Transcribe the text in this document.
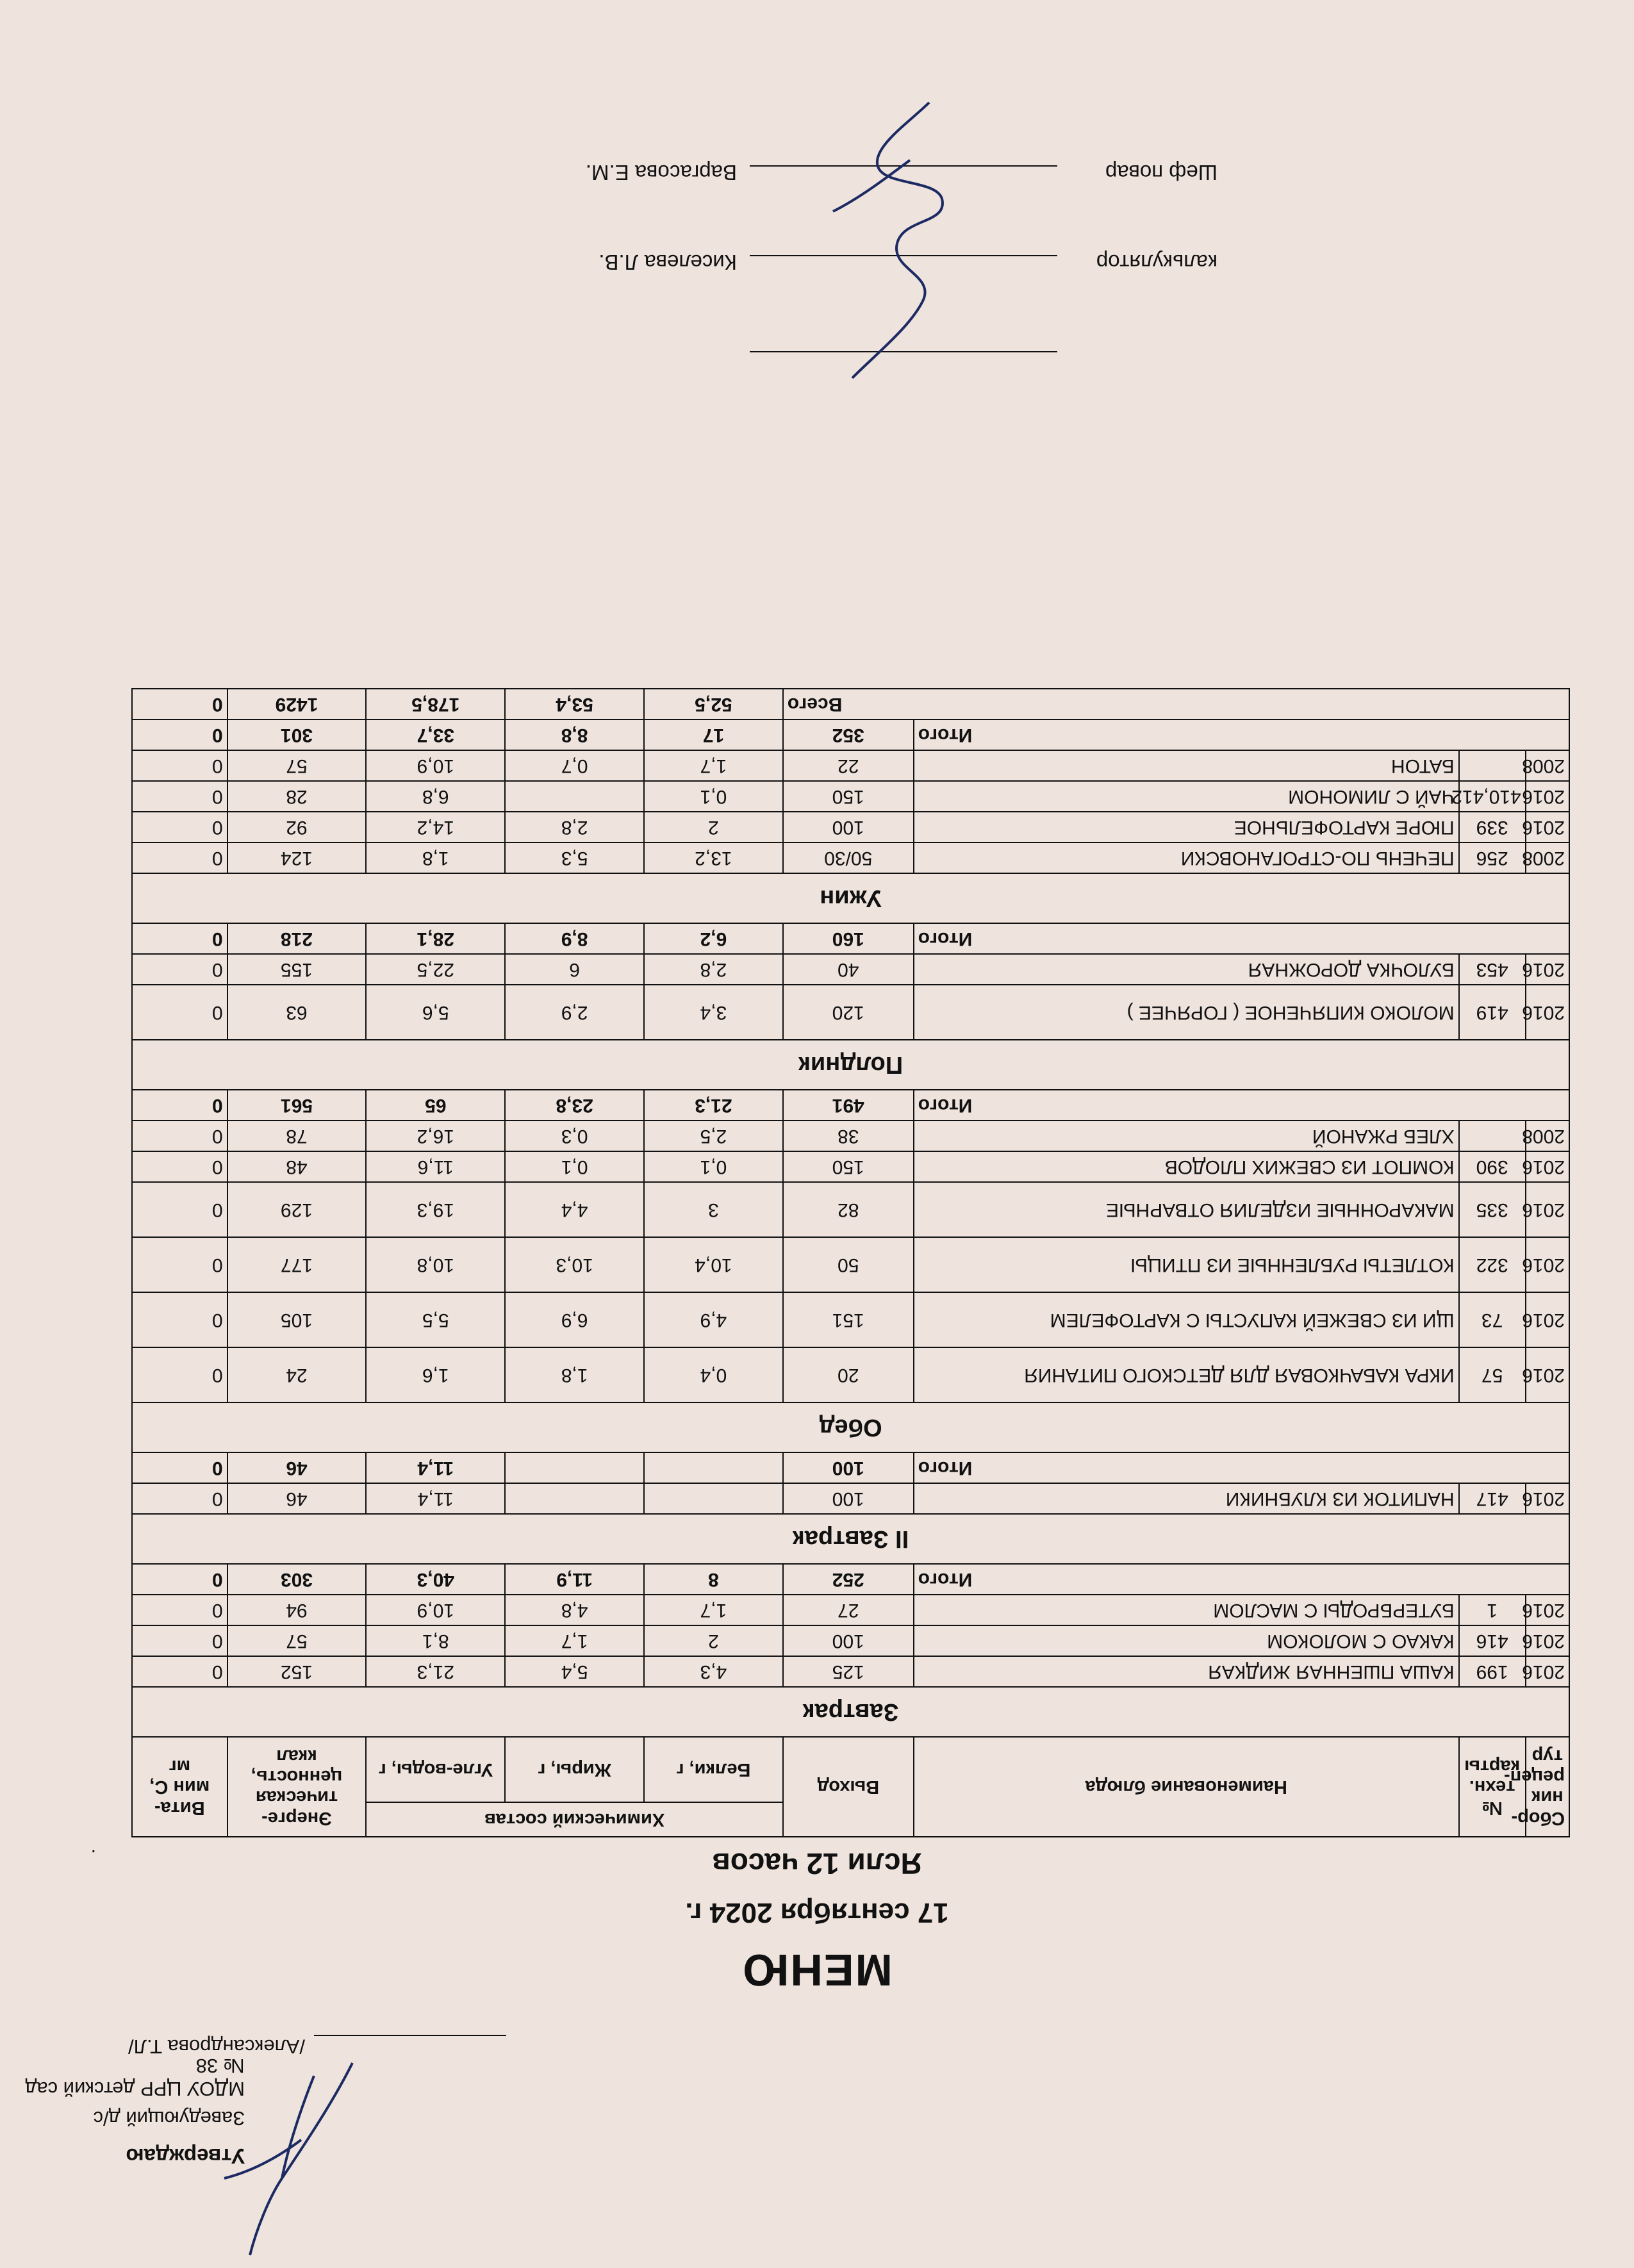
Утверждаю
Заведующий д/с
МДОУ ЦРР детский сад № 38
/Александрова Т.Л/
МЕНЮ
17 сентября 2024 г.
Ясли 12 часов
.
Сбор-ник рецеп-тур	№ техн. карты	Наименование блюда	Выход	Химический состав			Энерге-тическая ценность, ккал	Вита-мин С, мг
				Белки, г	Жиры, г	Угле-воды, г		
Завтрак								
2016	199	КАША ПШЕННАЯ ЖИДКАЯ	125	4,3	5,4	21,3	152	0
2016	416	КАКАО С МОЛОКОМ	100	2	1,7	8,1	57	0
2016	1	БУТЕРБРОДЫ С МАСЛОМ	27	1,7	4,8	10,9	94	0
Итого			252	8	11,9	40,3	303	0
II Завтрак								
2016	417	НАПИТОК ИЗ КЛУБНИКИ	100			11,4	46	0
Итого			100			11,4	46	0
Обед								
2016	57	ИКРА КАБАЧКОВАЯ ДЛЯ ДЕТСКОГО ПИТАНИЯ	20	0,4	1,8	1,6	24	0
2016	73	ЩИ ИЗ СВЕЖЕЙ КАПУСТЫ С КАРТОФЕЛЕМ	151	4,9	6,9	5,5	105	0
2016	322	КОТЛЕТЫ РУБЛЕННЫЕ ИЗ ПТИЦЫ	50	10,4	10,3	10,8	177	0
2016	335	МАКАРОННЫЕ ИЗДЕЛИЯ ОТВАРНЫЕ	82	3	4,4	19,3	129	0
2016	390	КОМПОТ ИЗ СВЕЖИХ ПЛОДОВ	150	0,1	0,1	11,6	48	0
2008		ХЛЕБ РЖАНОЙ	38	2,5	0,3	16,2	78	0
Итого			491	21,3	23,8	65	561	0
Полдник								
2016	419	МОЛОКО КИПЯЧЕНОЕ ( ГОРЯЧЕЕ )	120	3,4	2,9	5,6	63	0
2016	453	БУЛОЧКА ДОРОЖНАЯ	40	2,8	6	22,5	155	0
Итого			160	6,2	8,9	28,1	218	0
Ужин								
2008	256	ПЕЧЕНЬ ПО-СТРОГАНОВСКИ	50/30	13,2	5,3	1,8	124	0
2016	339	ПЮРЕ КАРТОФЕЛЬНОЕ	100	2	2,8	14,2	92	0
2016	410,412	ЧАЙ С ЛИМОНОМ	150	0,1		6,8	28	0
2008		БАТОН	22	1,7	0,7	10,9	57	0
Итого			352	17	8,8	33,7	301	0
Всего				52,5	53,4	178,5	1429	0
калькулятор
Киселева Л.В.
Шеф повар
Варгасова Е.М.
